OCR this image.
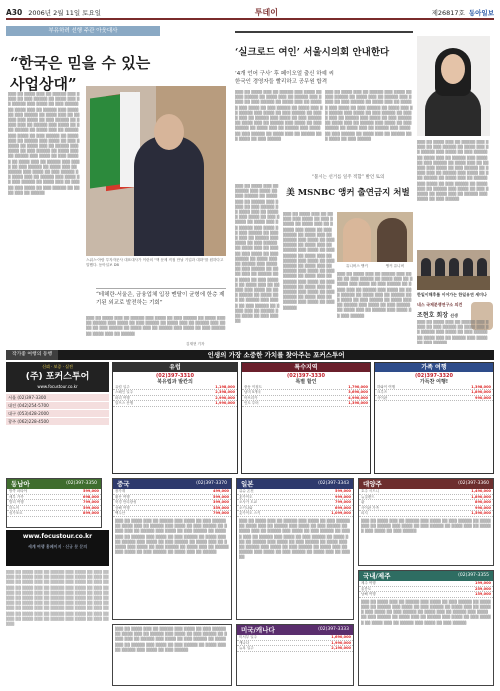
A30 2006년 2월 11일 토요일	투데이	제26817호 동아일보
부유하려 선행 주관 아웃대사
“한국은 믿을 수 있는 사업상대”
▒▒▒ ▒▒ ▒▒▒▒ ▒▒▒ ▒▒ ▒▒▒▒▒ ▒▒▒ ▒▒▒▒ ▒▒ ▒▒▒ ▒▒▒▒▒ ▒▒ ▒▒▒▒ ▒▒▒ ▒▒ ▒▒▒▒▒ ▒▒▒ ▒▒▒▒ ▒▒ ▒▒▒ ▒▒▒▒▒ ▒▒ ▒▒▒▒ ▒▒▒ ▒▒ ▒▒▒▒▒ ▒▒▒ ▒▒▒▒ ▒▒ ▒▒▒ ▒▒▒▒▒ ▒▒ ▒▒▒▒ ▒▒▒ ▒▒ ▒▒▒▒▒ ▒▒▒ ▒▒▒▒ ▒▒ ▒▒▒ ▒▒▒▒▒ ▒▒ ▒▒▒▒ ▒▒▒ ▒▒ ▒▒▒▒▒ ▒▒▒ ▒▒▒▒ ▒▒ ▒▒▒ ▒▒▒▒▒ ▒▒ ▒▒▒▒ ▒▒▒ ▒▒ ▒▒▒▒▒ ▒▒▒ ▒▒▒▒ ▒▒ ▒▒▒ ▒▒▒▒▒ ▒▒ ▒▒▒▒ ▒▒▒ ▒▒ ▒▒▒▒▒ ▒▒▒ ▒▒▒▒ ▒▒ ▒▒▒ ▒▒▒▒▒ ▒▒ ▒▒▒▒ ▒▒▒ ▒▒ ▒▒▒▒▒ ▒▒▒ ▒▒▒▒ ▒▒ ▒▒▒ ▒▒▒▒▒ ▒▒ ▒▒▒▒ ▒▒▒ ▒▒ ▒▒▒▒▒ ▒▒▒ ▒▒▒▒ ▒▒ ▒▒▒ ▒▒▒▒▒ ▒▒ ▒▒▒▒ ▒▒▒ ▒▒ ▒▒▒▒▒ ▒▒▒ ▒▒▒▒ ▒▒ ▒▒▒ ▒▒▒▒▒ ▒▒ ▒▒▒▒ ▒▒▒ ▒▒ ▒▒▒▒▒ ▒▒▒ ▒▒▒▒ ▒▒ ▒▒▒ ▒▒▒▒▒ ▒▒ ▒▒▒▒ ▒▒▒ ▒▒ ▒▒▒▒▒ ▒▒▒ ▒▒▒▒ ▒▒ ▒▒▒ ▒▒▒▒▒ ▒▒ ▒▒▒▒ ▒▒▒ ▒▒ ▒▒▒▒▒ ▒▒▒ ▒▒▒▒ ▒▒ ▒▒▒ ▒▒▒▒▒ ▒▒ ▒▒▒▒ ▒▒▒ ▒▒ ▒▒▒▒▒
스위스·아랍 투자자문사 대표대사가 이란의 "핵 문제 직접 만날 기업과 대화"를 원하다고 말했다. 동아일보 DB
“테헤란-서울은, 금융업체 입장 멘탈이 균형에 한층 제기된 외교로 발전하는 기회”
▒▒▒ ▒▒ ▒▒▒▒ ▒▒▒ ▒▒ ▒▒▒▒▒ ▒▒▒ ▒▒▒▒ ▒▒ ▒▒▒ ▒▒▒▒▒ ▒▒ ▒▒▒▒ ▒▒▒ ▒▒ ▒▒▒▒▒ ▒▒▒ ▒▒▒▒ ▒▒ ▒▒▒ ▒▒▒▒▒ ▒▒ ▒▒▒▒ ▒▒▒ ▒▒ ▒▒▒▒▒ ▒▒▒ ▒▒▒▒ ▒▒ ▒▒▒ ▒▒▒▒▒ ▒▒ ▒▒▒▒ ▒▒▒ ▒▒ ▒▒▒▒▒ ▒▒▒ ▒▒▒▒ ▒▒ ▒▒▒ ▒▒▒▒▒ ▒▒ ▒▒▒▒ ▒▒▒ ▒▒ ▒▒▒▒▒
김재현 기자
‘실크로드 여인’ 서울시의회 안내한다
‘4개 언어 구사’ 후 페이오얼 출신 하예 씨
한국인 경영자들 빨리하고 공무원 합격
▒▒▒ ▒▒ ▒▒▒▒ ▒▒▒ ▒▒ ▒▒▒▒▒ ▒▒▒ ▒▒▒▒ ▒▒ ▒▒▒ ▒▒▒▒▒ ▒▒ ▒▒▒▒ ▒▒▒ ▒▒ ▒▒▒▒▒ ▒▒▒ ▒▒▒▒ ▒▒ ▒▒▒ ▒▒▒▒▒ ▒▒ ▒▒▒▒ ▒▒▒ ▒▒ ▒▒▒▒▒ ▒▒▒ ▒▒▒▒ ▒▒ ▒▒▒ ▒▒▒▒▒ ▒▒ ▒▒▒▒ ▒▒▒ ▒▒ ▒▒▒▒▒ ▒▒▒ ▒▒▒▒ ▒▒ ▒▒▒ ▒▒▒▒▒ ▒▒ ▒▒▒▒ ▒▒▒ ▒▒ ▒▒▒▒▒ ▒▒▒ ▒▒▒▒ ▒▒ ▒▒▒ ▒▒▒▒▒ ▒▒ ▒▒▒▒ ▒▒▒ ▒▒ ▒▒▒▒▒ ▒▒▒ ▒▒▒▒ ▒▒ ▒▒▒ ▒▒▒▒▒ ▒▒ ▒▒▒▒ ▒▒▒ ▒▒ ▒▒▒▒▒ ▒▒▒ ▒▒▒▒ ▒▒ ▒▒▒ ▒▒▒▒▒ ▒▒ ▒▒▒▒ ▒▒▒ ▒▒ ▒▒▒▒▒ ▒▒▒ ▒▒▒▒ ▒▒ ▒▒▒ ▒▒▒▒▒
▒▒▒ ▒▒ ▒▒▒▒ ▒▒▒ ▒▒ ▒▒▒▒▒ ▒▒▒ ▒▒▒▒ ▒▒ ▒▒▒ ▒▒▒▒▒ ▒▒ ▒▒▒▒ ▒▒▒ ▒▒ ▒▒▒▒▒ ▒▒▒ ▒▒▒▒ ▒▒ ▒▒▒ ▒▒▒▒▒ ▒▒ ▒▒▒▒ ▒▒▒ ▒▒ ▒▒▒▒▒ ▒▒▒ ▒▒▒▒ ▒▒ ▒▒▒ ▒▒▒▒▒ ▒▒ ▒▒▒▒ ▒▒▒ ▒▒ ▒▒▒▒▒ ▒▒▒ ▒▒▒▒ ▒▒ ▒▒▒ ▒▒▒▒▒ ▒▒ ▒▒▒▒ ▒▒▒ ▒▒ ▒▒▒▒▒ ▒▒▒ ▒▒▒▒ ▒▒ ▒▒▒ ▒▒▒▒▒ ▒▒ ▒▒▒▒ ▒▒▒ ▒▒ ▒▒▒▒▒ ▒▒▒ ▒▒▒▒ ▒▒ ▒▒▒ ▒▒▒▒▒ ▒▒ ▒▒▒▒ ▒▒▒ ▒▒ ▒▒▒▒▒ ▒▒▒ ▒▒▒▒ ▒▒ ▒▒▒ ▒▒▒▒▒ ▒▒ ▒▒▒▒ ▒▒▒ ▒▒ ▒▒▒▒▒ ▒▒▒ ▒▒▒▒ ▒▒ ▒▒▒ ▒▒▒▒▒
▒▒▒ ▒▒ ▒▒▒▒ ▒▒▒ ▒▒ ▒▒▒▒▒ ▒▒▒ ▒▒▒▒ ▒▒ ▒▒▒ ▒▒▒▒▒ ▒▒ ▒▒▒▒ ▒▒▒ ▒▒ ▒▒▒▒▒ ▒▒▒ ▒▒▒▒ ▒▒ ▒▒▒ ▒▒▒▒▒ ▒▒ ▒▒▒▒ ▒▒▒ ▒▒ ▒▒▒▒▒ ▒▒▒ ▒▒▒▒ ▒▒ ▒▒▒ ▒▒▒▒▒ ▒▒ ▒▒▒▒ ▒▒▒ ▒▒ ▒▒▒▒▒ ▒▒▒ ▒▒▒▒ ▒▒ ▒▒▒ ▒▒▒▒▒ ▒▒ ▒▒▒▒ ▒▒▒ ▒▒ ▒▒▒▒▒ ▒▒▒ ▒▒▒▒ ▒▒ ▒▒▒ ▒▒▒▒▒ ▒▒ ▒▒▒▒ ▒▒▒ ▒▒ ▒▒▒▒▒ ▒▒▒ ▒▒▒▒ ▒▒ ▒▒▒ ▒▒▒▒▒ ▒▒ ▒▒▒▒ ▒▒▒ ▒▒ ▒▒▒▒▒ ▒▒▒ ▒▒▒▒ ▒▒ ▒▒▒ ▒▒▒▒▒ ▒▒ ▒▒▒▒ ▒▒▒ ▒▒ ▒▒▒▒▒ ▒▒▒ ▒▒▒▒ ▒▒ ▒▒▒ ▒▒▒▒▒
“불시는 선거를 일주 적합” 발언 토의
美 MSNBC 앵커 출연금지 처벌
▒▒▒ ▒▒ ▒▒▒▒ ▒▒▒ ▒▒ ▒▒▒▒▒ ▒▒▒ ▒▒▒▒ ▒▒ ▒▒▒ ▒▒▒▒▒ ▒▒ ▒▒▒▒ ▒▒▒ ▒▒ ▒▒▒▒▒ ▒▒▒ ▒▒▒▒ ▒▒ ▒▒▒ ▒▒▒▒▒ ▒▒ ▒▒▒▒ ▒▒▒ ▒▒ ▒▒▒▒▒ ▒▒▒ ▒▒▒▒ ▒▒ ▒▒▒ ▒▒▒▒▒ ▒▒ ▒▒▒▒ ▒▒▒ ▒▒ ▒▒▒▒▒ ▒▒▒ ▒▒▒▒ ▒▒ ▒▒▒ ▒▒▒▒▒ ▒▒ ▒▒▒▒ ▒▒▒ ▒▒ ▒▒▒▒▒ ▒▒▒ ▒▒▒▒ ▒▒ ▒▒▒ ▒▒▒▒▒ ▒▒ ▒▒▒▒ ▒▒▒ ▒▒ ▒▒▒▒▒ ▒▒▒ ▒▒▒▒ ▒▒ ▒▒▒ ▒▒▒▒▒ ▒▒ ▒▒▒▒ ▒▒▒ ▒▒ ▒▒▒▒▒ ▒▒▒ ▒▒▒▒ ▒▒ ▒▒▒ ▒▒▒▒▒ ▒▒ ▒▒▒▒ ▒▒▒ ▒▒ ▒▒▒▒▒ ▒▒▒ ▒▒▒▒ ▒▒ ▒▒▒ ▒▒▒▒▒ ▒▒ ▒▒▒▒ ▒▒▒ ▒▒ ▒▒▒▒▒ ▒▒▒ ▒▒▒▒ ▒▒ ▒▒▒ ▒▒▒▒▒ ▒▒ ▒▒▒▒ ▒▒▒ ▒▒ ▒▒▒▒▒ ▒▒▒ ▒▒▒▒ ▒▒ ▒▒▒ ▒▒▒▒▒ ▒▒ ▒▒▒▒ ▒▒▒ ▒▒ ▒▒▒▒▒ ▒▒▒ ▒▒▒▒ ▒▒ ▒▒▒ ▒▒▒▒▒
▒▒▒ ▒▒ ▒▒▒▒ ▒▒▒ ▒▒ ▒▒▒▒▒ ▒▒▒ ▒▒▒▒ ▒▒ ▒▒▒ ▒▒▒▒▒ ▒▒ ▒▒▒▒ ▒▒▒ ▒▒ ▒▒▒▒▒ ▒▒▒ ▒▒▒▒ ▒▒ ▒▒▒ ▒▒▒▒▒ ▒▒ ▒▒▒▒ ▒▒▒ ▒▒ ▒▒▒▒▒ ▒▒▒ ▒▒▒▒ ▒▒ ▒▒▒ ▒▒▒▒▒ ▒▒ ▒▒▒▒ ▒▒▒ ▒▒ ▒▒▒▒▒ ▒▒▒ ▒▒▒▒ ▒▒ ▒▒▒ ▒▒▒▒▒ ▒▒ ▒▒▒▒ ▒▒▒ ▒▒ ▒▒▒▒▒ ▒▒▒ ▒▒▒▒ ▒▒ ▒▒▒ ▒▒▒▒▒ ▒▒ ▒▒▒▒ ▒▒▒ ▒▒ ▒▒▒▒▒ ▒▒▒ ▒▒▒▒ ▒▒ ▒▒▒ ▒▒▒▒▒ ▒▒ ▒▒▒▒ ▒▒▒ ▒▒ ▒▒▒▒▒ ▒▒▒ ▒▒▒▒ ▒▒ ▒▒▒ ▒▒▒▒▒ ▒▒ ▒▒▒▒ ▒▒▒ ▒▒ ▒▒▒▒▒ ▒▒▒ ▒▒▒▒ ▒▒ ▒▒▒ ▒▒▒▒▒ ▒▒ ▒▒▒▒ ▒▒▒ ▒▒ ▒▒▒▒▒ ▒▒▒ ▒▒▒▒ ▒▒ ▒▒▒ ▒▒▒▒▒
유니버스 앵커	앵커 유니버
▒▒▒ ▒▒ ▒▒▒▒ ▒▒▒ ▒▒ ▒▒▒▒▒ ▒▒▒ ▒▒▒▒ ▒▒ ▒▒▒ ▒▒▒▒▒ ▒▒ ▒▒▒▒ ▒▒▒ ▒▒ ▒▒▒▒▒ ▒▒▒ ▒▒▒▒ ▒▒ ▒▒▒ ▒▒▒▒▒ ▒▒ ▒▒▒▒ ▒▒▒ ▒▒ ▒▒▒▒▒ ▒▒▒ ▒▒▒▒ ▒▒ ▒▒▒ ▒▒▒▒▒ ▒▒ ▒▒▒▒ ▒▒▒ ▒▒ ▒▒▒▒▒ ▒▒▒ ▒▒▒▒ ▒▒ ▒▒▒ ▒▒▒▒▒ ▒▒ ▒▒▒▒ ▒▒▒ ▒▒ ▒▒▒▒▒ ▒▒▒ ▒▒▒▒ ▒▒ ▒▒▒ ▒▒▒▒▒ ▒▒ ▒▒▒▒ ▒▒▒ ▒▒ ▒▒▒▒▒ ▒▒▒ ▒▒▒▒ ▒▒ ▒▒▒ ▒▒▒▒▒
한일이해후를 이어가는 한일유연 세미나
네스 국제분쟁연구소 의견
조현호 회장 선생
▒▒▒ ▒▒ ▒▒▒▒ ▒▒▒ ▒▒ ▒▒▒▒▒ ▒▒▒ ▒▒▒▒ ▒▒ ▒▒▒ ▒▒▒▒▒ ▒▒ ▒▒▒▒ ▒▒▒ ▒▒ ▒▒▒▒▒ ▒▒▒ ▒▒▒▒ ▒▒ ▒▒▒ ▒▒▒▒▒ ▒▒ ▒▒▒▒ ▒▒▒ ▒▒ ▒▒▒▒▒ ▒▒▒ ▒▒▒▒ ▒▒ ▒▒▒ ▒▒▒▒▒
작가좋 여행의 동행	인생의 가장 소중한 가치를 찾아주는 포커스투어
신뢰 · 보증 · 실전
(주) 포커스투어
www.focustour.co.kr
서울 (02)397-3300
대전 (042)254-5700
대구 (053)428-2000
광주 (062)228-4500
유럽
(02)397-3310
북유럽과 발칸의
유럽 일주	1,198,000
스페인 일주	2,398,000
파리 여행	2,990,000
알프스 산행	1,990,000
특수지역
(02)397-3330
특별 할인
중동 이집트	1,790,000
남미 5개국	3,690,000
아프리카	4,990,000
인도 투어	1,390,000
가족 여행
(02)397-3320
가득찬 여행!
하와이 여행	1,398,000
크루즈	1,890,000
사이판	990,000
동남아	(02)397-3350
방콕 파타야	599,000
세부 가족	698,000
발리 여행	799,000
하노이	599,000
싱가포르	899,000
중국	(02)397-3370
장가계	499,000
황산 여행	599,000
북경 만리장성	399,000
상해 여행	359,000
백두산	799,000
▒▒▒ ▒▒ ▒▒▒▒ ▒▒▒ ▒▒ ▒▒▒▒▒ ▒▒▒ ▒▒▒▒ ▒▒ ▒▒▒ ▒▒▒▒▒ ▒▒ ▒▒▒▒ ▒▒▒ ▒▒ ▒▒▒▒▒ ▒▒▒ ▒▒▒▒ ▒▒ ▒▒▒ ▒▒▒▒▒ ▒▒ ▒▒▒▒ ▒▒▒ ▒▒ ▒▒▒▒▒ ▒▒▒ ▒▒▒▒ ▒▒ ▒▒▒ ▒▒▒▒▒ ▒▒ ▒▒▒▒ ▒▒▒ ▒▒ ▒▒▒▒▒ ▒▒▒ ▒▒▒▒ ▒▒ ▒▒▒ ▒▒▒▒▒ ▒▒ ▒▒▒▒ ▒▒▒ ▒▒ ▒▒▒▒▒ ▒▒▒ ▒▒▒▒ ▒▒ ▒▒▒ ▒▒▒▒▒ ▒▒ ▒▒▒▒ ▒▒▒ ▒▒ ▒▒▒▒▒ ▒▒▒ ▒▒▒▒ ▒▒ ▒▒▒ ▒▒▒▒▒ ▒▒ ▒▒▒▒ ▒▒▒ ▒▒ ▒▒▒▒▒ ▒▒▒ ▒▒▒▒ ▒▒ ▒▒▒ ▒▒▒▒▒ ▒▒ ▒▒▒▒ ▒▒▒ ▒▒ ▒▒▒▒▒
일본	(02)397-3343
큐슈 온천	599,000
홋카이도	999,000
오사카 도쿄	799,000
오키나와	699,000
훗카이도 스키	1,099,000
▒▒▒ ▒▒ ▒▒▒▒ ▒▒▒ ▒▒ ▒▒▒▒▒ ▒▒▒ ▒▒▒▒ ▒▒ ▒▒▒ ▒▒▒▒▒ ▒▒ ▒▒▒▒ ▒▒▒ ▒▒ ▒▒▒▒▒ ▒▒▒ ▒▒▒▒ ▒▒ ▒▒▒ ▒▒▒▒▒ ▒▒ ▒▒▒▒ ▒▒▒ ▒▒ ▒▒▒▒▒ ▒▒▒ ▒▒▒▒ ▒▒ ▒▒▒ ▒▒▒▒▒ ▒▒ ▒▒▒▒ ▒▒▒ ▒▒ ▒▒▒▒▒ ▒▒▒ ▒▒▒▒ ▒▒ ▒▒▒ ▒▒▒▒▒ ▒▒ ▒▒▒▒ ▒▒▒ ▒▒ ▒▒▒▒▒ ▒▒▒ ▒▒▒▒ ▒▒ ▒▒▒ ▒▒▒▒▒ ▒▒ ▒▒▒▒ ▒▒▒ ▒▒ ▒▒▒▒▒ ▒▒▒ ▒▒▒▒ ▒▒ ▒▒▒ ▒▒▒▒▒ ▒▒ ▒▒▒▒ ▒▒▒ ▒▒ ▒▒▒▒▒ ▒▒▒ ▒▒▒▒ ▒▒ ▒▒▒ ▒▒▒▒▒ ▒▒ ▒▒▒▒ ▒▒▒ ▒▒ ▒▒▒▒▒
대양주	(02)397-3360
호주 시드니	1,490,000
뉴질랜드	1,890,000
괌	890,000
사이판 가족	990,000
피지	1,590,000
▒▒▒ ▒▒ ▒▒▒▒ ▒▒▒ ▒▒ ▒▒▒▒▒ ▒▒▒ ▒▒▒▒ ▒▒ ▒▒▒ ▒▒▒▒▒ ▒▒ ▒▒▒▒ ▒▒▒ ▒▒ ▒▒▒▒▒ ▒▒▒ ▒▒▒▒ ▒▒ ▒▒▒ ▒▒▒▒▒ ▒▒ ▒▒▒▒ ▒▒▒ ▒▒ ▒▒▒▒▒ ▒▒▒ ▒▒▒▒ ▒▒ ▒▒▒ ▒▒▒▒▒
www.focustour.co.kr
세계 여행 홈페이지 · 신규 분 문의
▒▒▒ ▒▒ ▒▒▒▒ ▒▒▒ ▒▒ ▒▒▒▒▒ ▒▒▒ ▒▒▒▒ ▒▒ ▒▒▒ ▒▒▒▒▒ ▒▒ ▒▒▒▒ ▒▒▒ ▒▒ ▒▒▒▒▒ ▒▒▒ ▒▒▒▒ ▒▒ ▒▒▒ ▒▒▒▒▒ ▒▒ ▒▒▒▒ ▒▒▒ ▒▒ ▒▒▒▒▒ ▒▒▒ ▒▒▒▒ ▒▒ ▒▒▒ ▒▒▒▒▒ ▒▒ ▒▒▒▒ ▒▒▒ ▒▒ ▒▒▒▒▒ ▒▒▒ ▒▒▒▒ ▒▒ ▒▒▒ ▒▒▒▒▒ ▒▒ ▒▒▒▒ ▒▒▒ ▒▒ ▒▒▒▒▒ ▒▒▒ ▒▒▒▒ ▒▒ ▒▒▒ ▒▒▒▒▒ ▒▒ ▒▒▒▒ ▒▒▒ ▒▒ ▒▒▒▒▒ ▒▒▒ ▒▒▒▒ ▒▒ ▒▒▒ ▒▒▒▒▒ ▒▒ ▒▒▒▒ ▒▒▒ ▒▒ ▒▒▒▒▒ ▒▒▒ ▒▒▒▒ ▒▒ ▒▒▒ ▒▒▒▒▒ ▒▒ ▒▒▒▒ ▒▒▒ ▒▒ ▒▒▒▒▒ ▒▒▒ ▒▒▒▒ ▒▒ ▒▒▒ ▒▒▒▒▒ ▒▒ ▒▒▒▒ ▒▒▒ ▒▒ ▒▒▒▒▒ ▒▒▒ ▒▒▒▒ ▒▒ ▒▒▒ ▒▒▒▒▒ ▒▒ ▒▒▒▒ ▒▒▒ ▒▒ ▒▒▒▒▒ ▒▒▒ ▒▒▒▒ ▒▒ ▒▒▒ ▒▒▒▒▒
▒▒▒ ▒▒ ▒▒▒▒ ▒▒▒ ▒▒ ▒▒▒▒▒ ▒▒▒ ▒▒▒▒ ▒▒ ▒▒▒ ▒▒▒▒▒ ▒▒ ▒▒▒▒ ▒▒▒ ▒▒ ▒▒▒▒▒ ▒▒▒ ▒▒▒▒ ▒▒ ▒▒▒ ▒▒▒▒▒ ▒▒ ▒▒▒▒ ▒▒▒ ▒▒ ▒▒▒▒▒ ▒▒▒ ▒▒▒▒ ▒▒ ▒▒▒ ▒▒▒▒▒ ▒▒ ▒▒▒▒ ▒▒▒ ▒▒ ▒▒▒▒▒ ▒▒▒ ▒▒▒▒ ▒▒ ▒▒▒ ▒▒▒▒▒ ▒▒ ▒▒▒▒ ▒▒▒ ▒▒ ▒▒▒▒▒ ▒▒▒ ▒▒▒▒ ▒▒ ▒▒▒ ▒▒▒▒▒
미국/캐나다	(02)397-3333
미서부 일주	1,690,000
캐나다	1,990,000
뉴욕 일주	2,190,000
국내/제주	(02)397-3355
제주 여행	199,000
울릉도	259,000
남해 여행	159,000
▒▒▒ ▒▒ ▒▒▒▒ ▒▒▒ ▒▒ ▒▒▒▒▒ ▒▒▒ ▒▒▒▒ ▒▒ ▒▒▒ ▒▒▒▒▒ ▒▒ ▒▒▒▒ ▒▒▒ ▒▒ ▒▒▒▒▒ ▒▒▒ ▒▒▒▒ ▒▒ ▒▒▒ ▒▒▒▒▒ ▒▒ ▒▒▒▒ ▒▒▒ ▒▒ ▒▒▒▒▒ ▒▒▒ ▒▒▒▒ ▒▒ ▒▒▒ ▒▒▒▒▒ ▒▒ ▒▒▒▒ ▒▒▒ ▒▒ ▒▒▒▒▒ ▒▒▒ ▒▒▒▒ ▒▒ ▒▒▒ ▒▒▒▒▒ ▒▒ ▒▒▒▒ ▒▒▒ ▒▒ ▒▒▒▒▒ ▒▒▒ ▒▒▒▒ ▒▒ ▒▒▒ ▒▒▒▒▒ ▒▒ ▒▒▒▒ ▒▒▒ ▒▒ ▒▒▒▒▒ ▒▒▒ ▒▒▒▒ ▒▒ ▒▒▒ ▒▒▒▒▒
